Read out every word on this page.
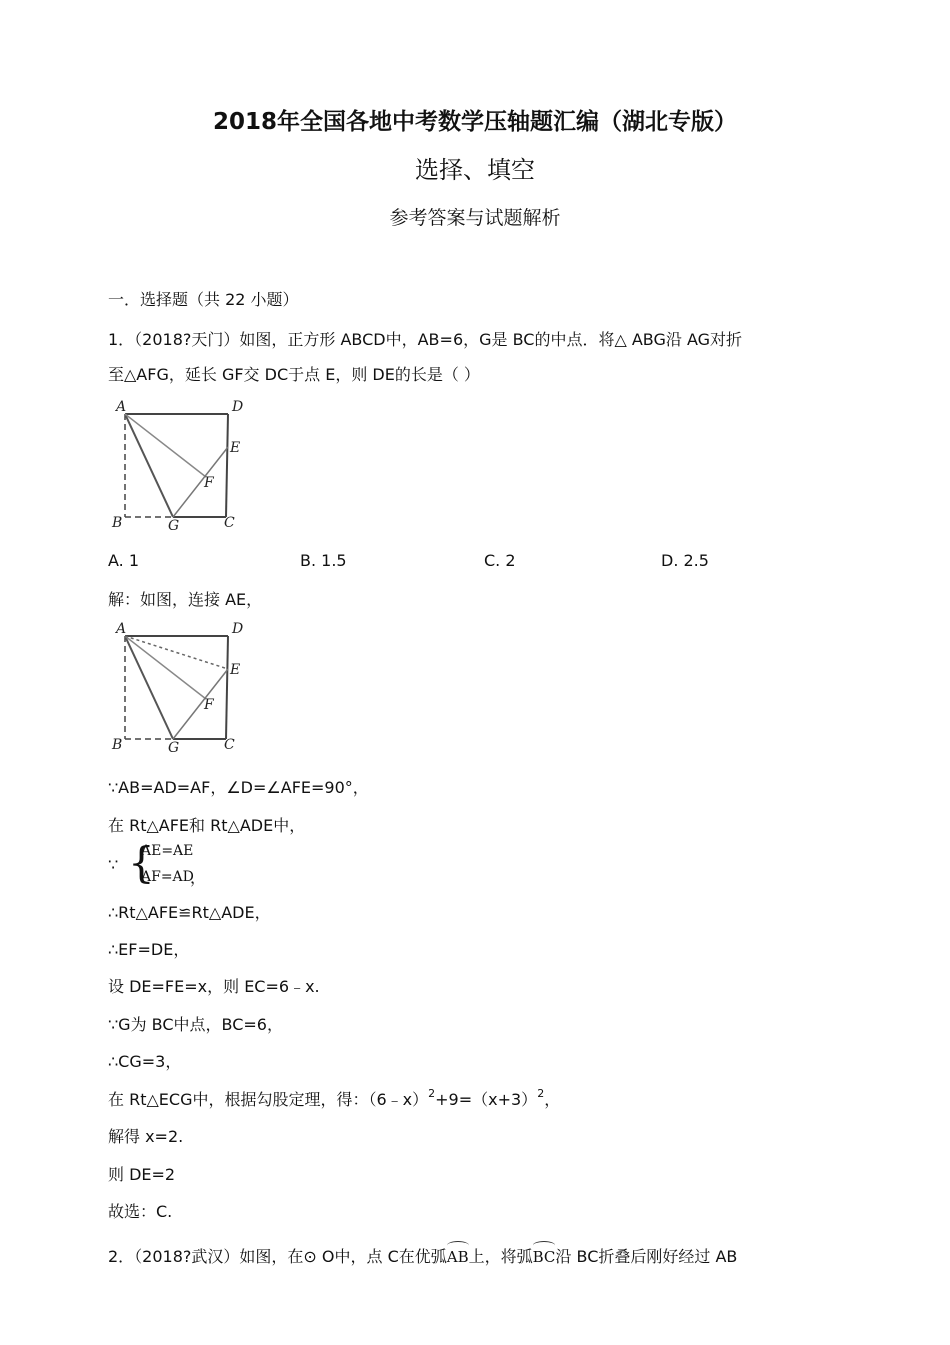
2018年全国各地中考数学压轴题汇编（湖北专版）
选择、填空
参考答案与试题解析
一．选择题（共 22 小题）
1．（2018?天门）如图，正方形 ABCD中，AB=6，G是 BC的中点．将△ ABG沿 AG对折
至△AFG，延长 GF交 DC于点 E，则 DE的长是（ ）
A	D
E
F
B	G	C
A. 1	B. 1.5	C. 2	D. 2.5
解：如图，连接 AE，
A	D
E
F
B	G	C
∵AB=AD=AF，∠D=∠AFE=90°，
在 Rt△AFE和 Rt△ADE中，
∵ {
AE=AE
AF=AD
，
∴Rt△AFE≌Rt△ADE，
∴EF=DE，
设 DE=FE=x，则 EC=6﹣x.
∵G为 BC中点，BC=6，
∴CG=3，
在 Rt△ECG中，根据勾股定理，得：$(6﹣x)^2+9=(x+3)^2$，
解得 x=2.
则 DE=2
故选：C.
2．（2018?武汉）如图，在⊙ O中，点 C在优弧AB上，将弧BC沿 BC折叠后刚好经过 AB
